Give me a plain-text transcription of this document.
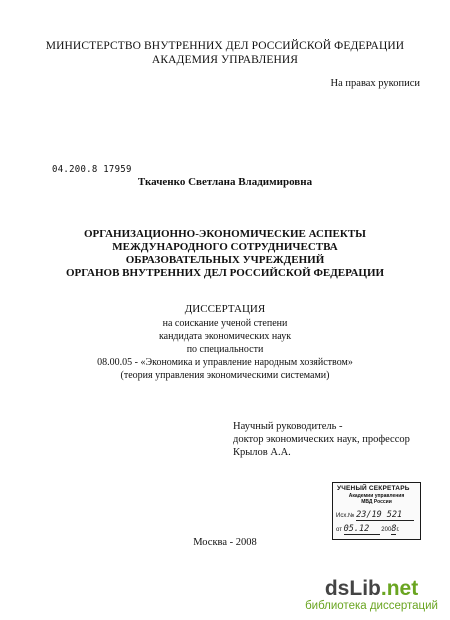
МИНИСТЕРСТВО ВНУТРЕННИХ ДЕЛ РОССИЙСКОЙ ФЕДЕРАЦИИ
АКАДЕМИЯ УПРАВЛЕНИЯ
На правах рукописи
04.200.8 17959
Ткаченко Светлана Владимировна
ОРГАНИЗАЦИОННО-ЭКОНОМИЧЕСКИЕ АСПЕКТЫ
МЕЖДУНАРОДНОГО СОТРУДНИЧЕСТВА
ОБРАЗОВАТЕЛЬНЫХ УЧРЕЖДЕНИЙ
ОРГАНОВ ВНУТРЕННИХ ДЕЛ РОССИЙСКОЙ ФЕДЕРАЦИИ
ДИССЕРТАЦИЯ
на соискание ученой степени
кандидата экономических наук
по специальности
08.00.05 - «Экономика и управление народным хозяйством»
(теория управления экономическими системами)
Научный руководитель -
доктор экономических наук, профессор
Крылов А.А.
УЧЕНЫЙ СЕКРЕТАРЬ
Академии управления
МВД России
Исх.№ 23/19 521
от 05.12 2008г.
Москва - 2008
dsLib.net
библиотека диссертаций
